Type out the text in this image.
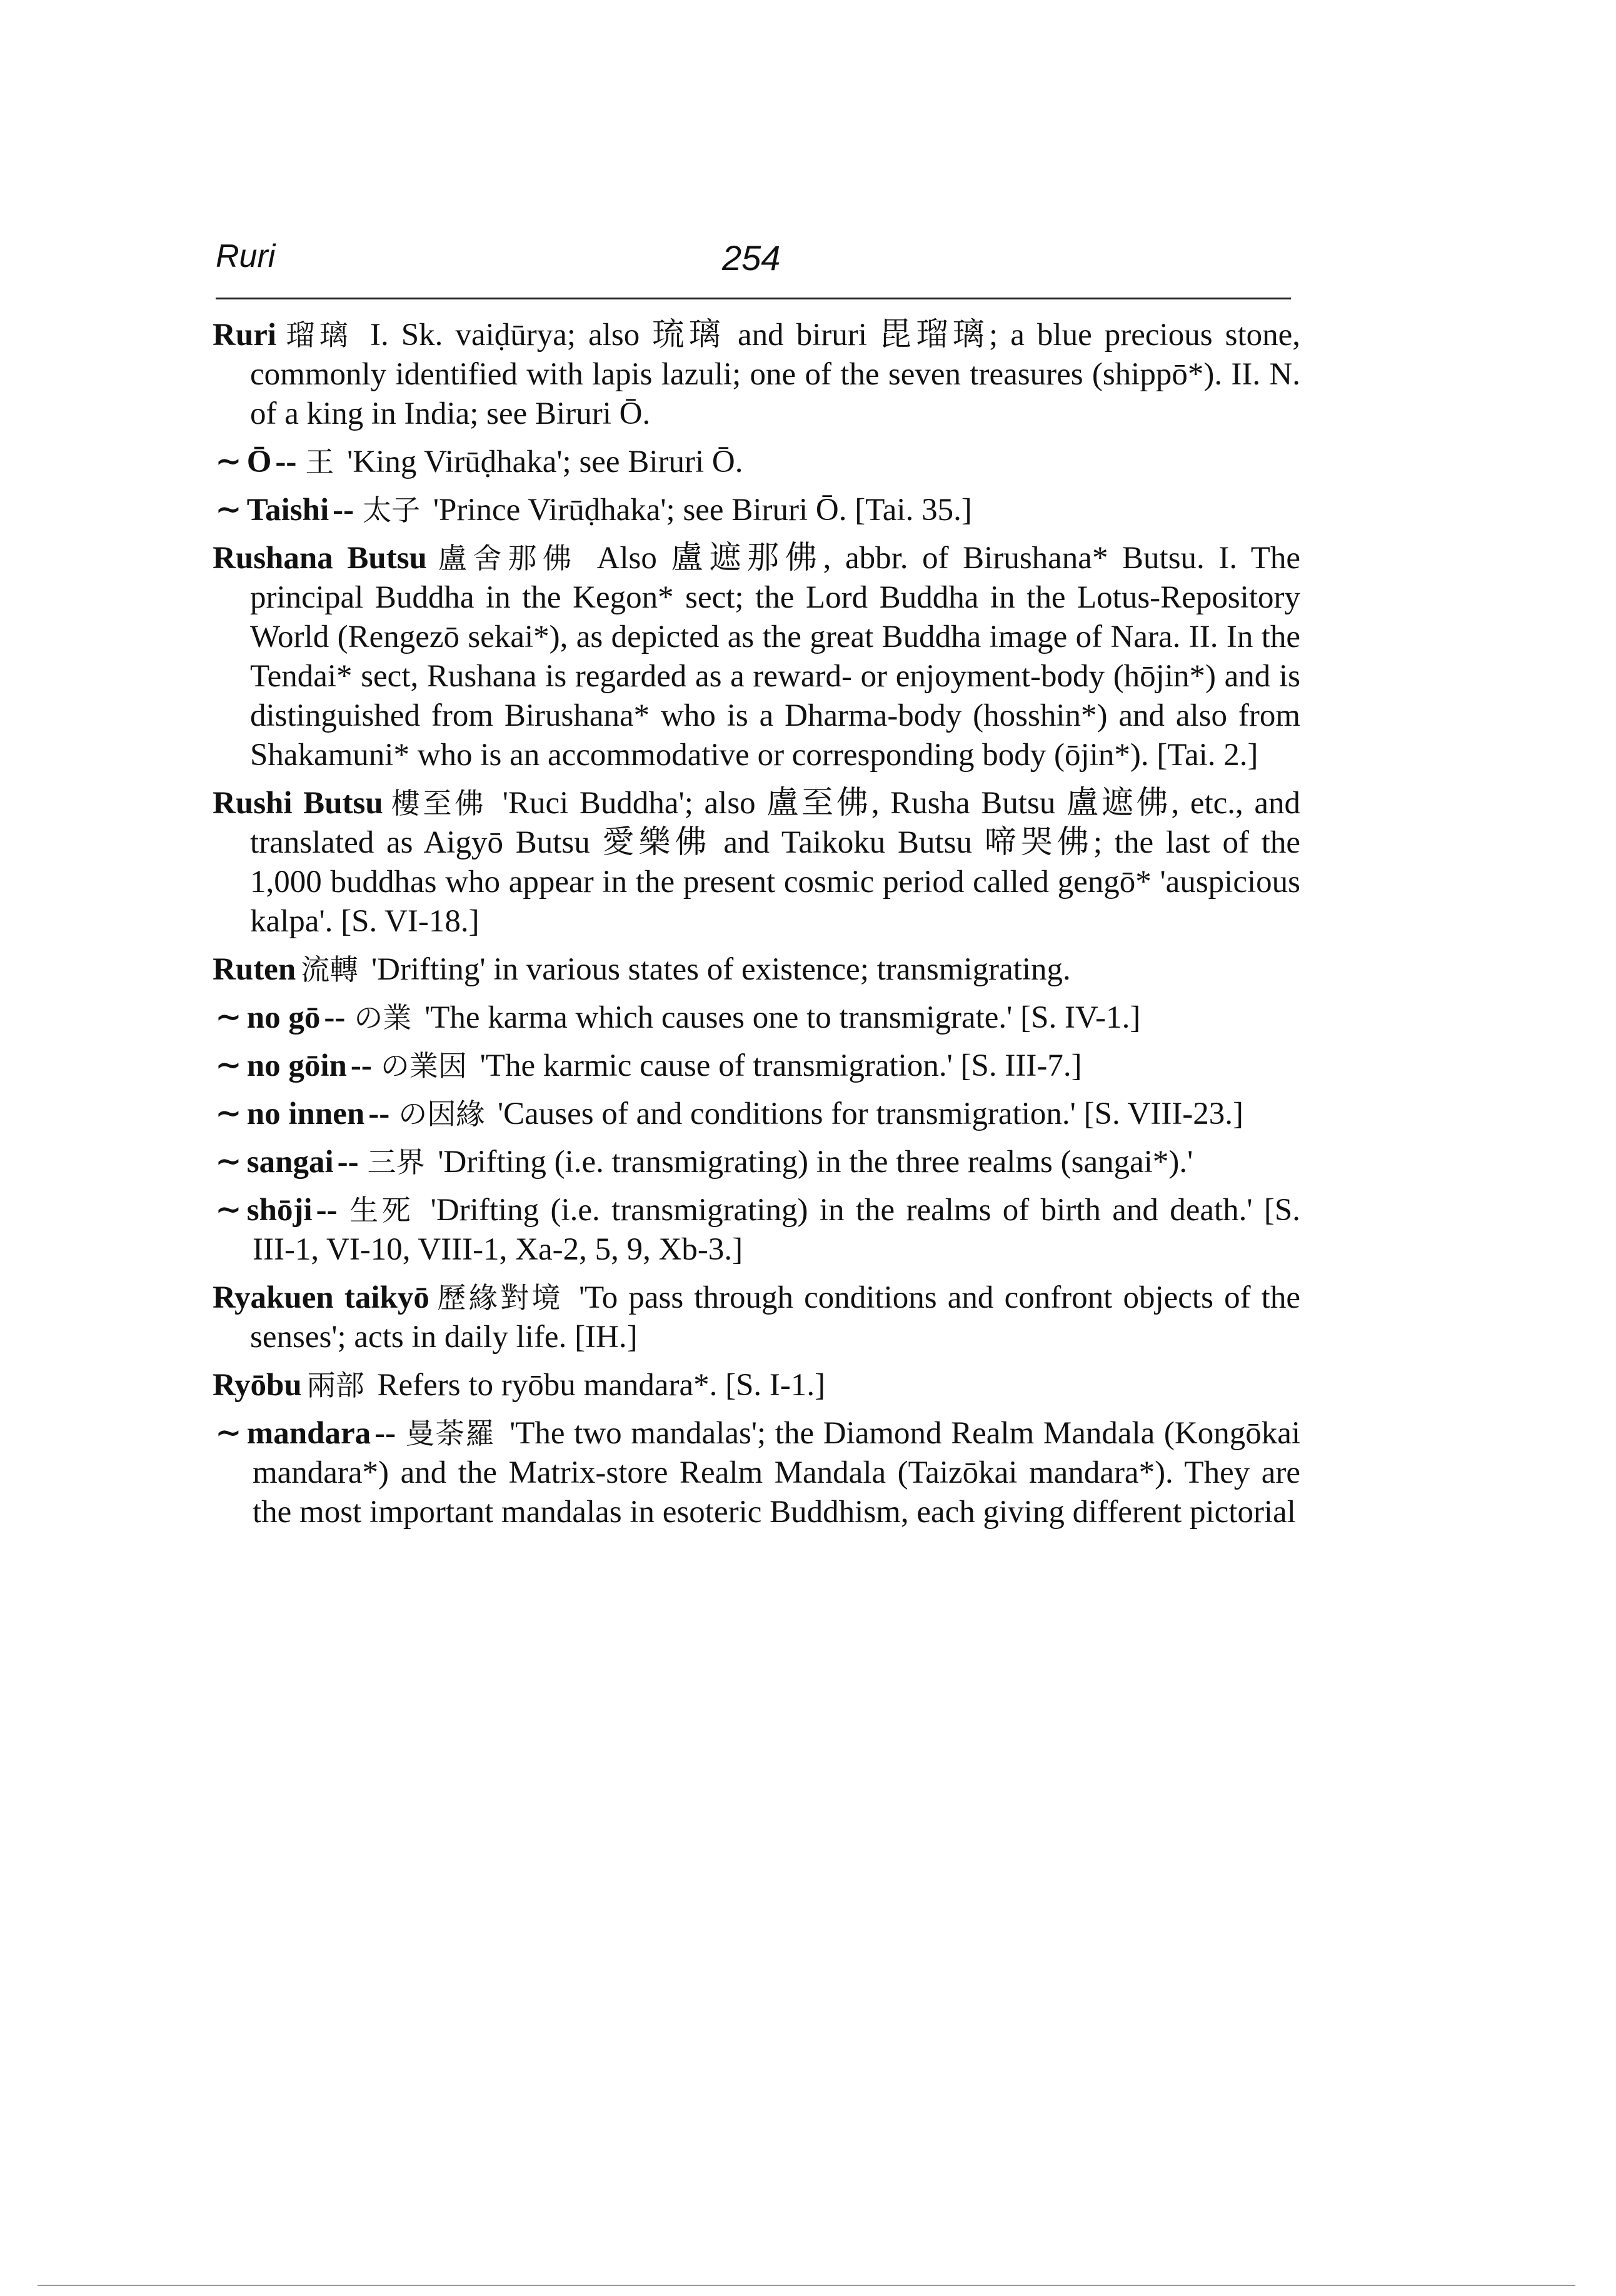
Ruri	254
Ruri 瑠璃 I. Sk. vaiḍūrya; also 琉璃 and biruri 毘瑠璃; a blue precious stone, commonly identified with lapis lazuli; one of the seven treasures (shippō*). II. N. of a king in India; see Biruri Ō.
∼ Ō -- 王 'King Virūḍhaka'; see Biruri Ō.
∼ Taishi -- 太子 'Prince Virūḍhaka'; see Biruri Ō. [Tai. 35.]
Rushana Butsu 盧舍那佛 Also 盧遮那佛, abbr. of Birushana* Butsu. I. The principal Buddha in the Kegon* sect; the Lord Buddha in the Lotus-Repository World (Rengezō sekai*), as depicted as the great Buddha image of Nara. II. In the Tendai* sect, Rushana is regarded as a reward- or enjoyment-body (hōjin*) and is distinguished from Birushana* who is a Dharma-body (hosshin*) and also from Shakamuni* who is an accommodative or corresponding body (ōjin*). [Tai. 2.]
Rushi Butsu 樓至佛 'Ruci Buddha'; also 盧至佛, Rusha Butsu 盧遮佛, etc., and translated as Aigyō Butsu 愛樂佛 and Taikoku Butsu 啼哭佛; the last of the 1,000 buddhas who appear in the present cosmic period called gengō* 'auspicious kalpa'. [S. VI-18.]
Ruten 流轉 'Drifting' in various states of existence; transmigrating.
∼ no gō -- の業 'The karma which causes one to transmigrate.' [S. IV-1.]
∼ no gōin -- の業因 'The karmic cause of transmigration.' [S. III-7.]
∼ no innen -- の因緣 'Causes of and conditions for transmigration.' [S. VIII-23.]
∼ sangai -- 三界 'Drifting (i.e. transmigrating) in the three realms (sangai*).'
∼ shōji -- 生死 'Drifting (i.e. transmigrating) in the realms of birth and death.' [S. III-1, VI-10, VIII-1, Xa-2, 5, 9, Xb-3.]
Ryakuen taikyō 歷緣對境 'To pass through conditions and confront objects of the senses'; acts in daily life. [IH.]
Ryōbu 兩部 Refers to ryōbu mandara*. [S. I-1.]
∼ mandara -- 曼荼羅 'The two mandalas'; the Diamond Realm Mandala (Kongōkai mandara*) and the Matrix-store Realm Mandala (Taizōkai mandara*). They are the most important mandalas in esoteric Buddhism, each giving different pictorial
